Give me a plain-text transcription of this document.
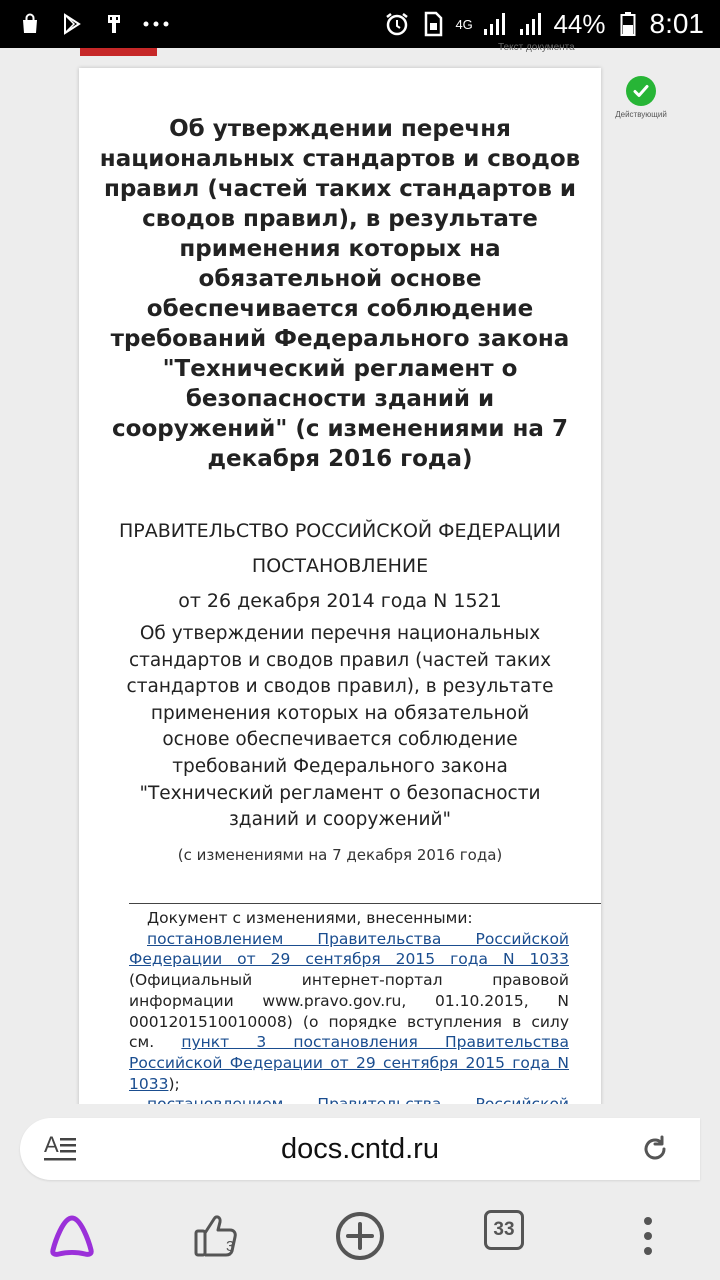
4G	44% 8:01
Текст документа
Об утверждении перечня национальных стандартов и сводов правил (частей таких стандартов и сводов правил), в результате применения которых на обязательной основе обеспечивается соблюдение требований Федерального закона "Технический регламент о безопасности зданий и сооружений" (с изменениями на 7 декабря 2016 года)
ПРАВИТЕЛЬСТВО РОССИЙСКОЙ ФЕДЕРАЦИИ
ПОСТАНОВЛЕНИЕ
от 26 декабря 2014 года N 1521
Об утверждении перечня национальных стандартов и сводов правил (частей таких стандартов и сводов правил), в результате применения которых на обязательной основе обеспечивается соблюдение требований Федерального закона "Технический регламент о безопасности зданий и сооружений"
(с изменениями на 7 декабря 2016 года)
Документ с изменениями, внесенными:

постановлением Правительства Российской Федерации от 29 сентября 2015 года N 1033 (Официальный интернет-портал правовой информации www.pravo.gov.ru, 01.10.2015, N 0001201510010008) (о порядке вступления в силу см. пункт 3 постановления Правительства Российской Федерации от 29 сентября 2015 года N 1033);

Действующий
A	docs.cntd.ru
3
33
